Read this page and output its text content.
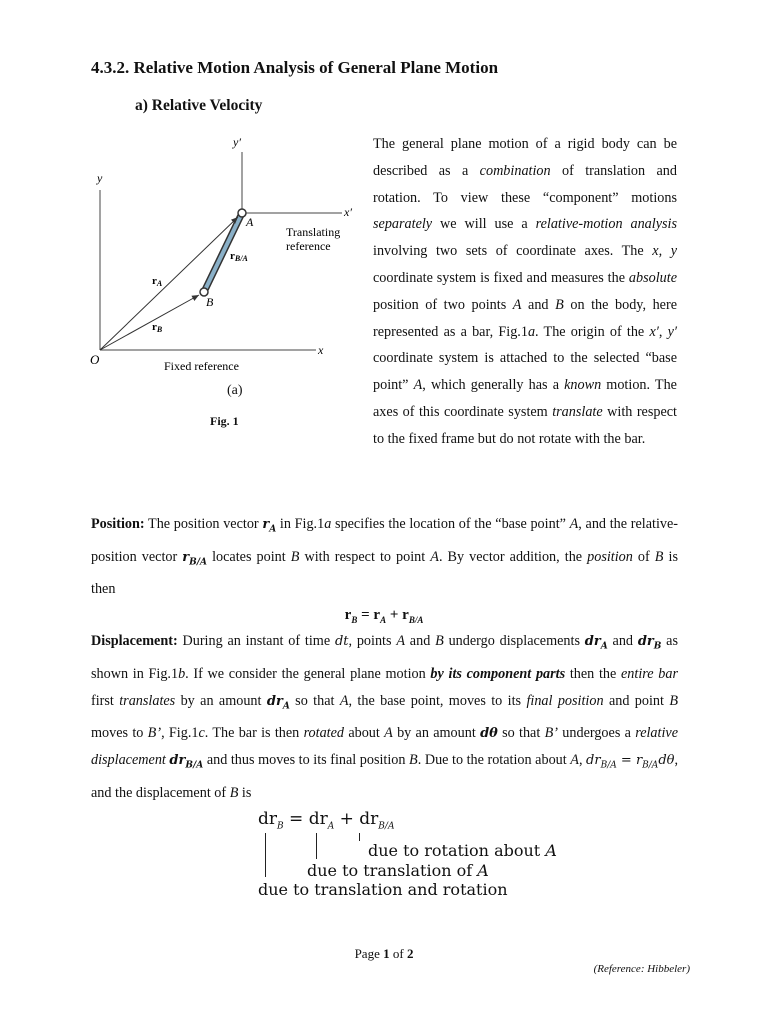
4.3.2. Relative Motion Analysis of General Plane Motion
a) Relative Velocity
y′
y
x′
x
O
A
B
rA
rB
rB/A
Translating
reference
Fixed reference
(a)
Fig. 1
The general plane motion of a rigid body can be described as a combination of translation and rotation. To view these “component” motions separately we will use a relative-motion analysis involving two sets of coordinate axes. The x, y coordinate system is fixed and measures the absolute position of two points A and B on the body, here represented as a bar, Fig.1a. The origin of the x′, y′ coordinate system is attached to the selected “base point” A, which generally has a known motion. The axes of this coordinate system translate with respect to the fixed frame but do not rotate with the bar.
Position: The position vector $r_A$ in Fig.1a specifies the location of the “base point” A, and the relative-position vector $r_{B/A}$ locates point B with respect to point A. By vector addition, the position of B is then
$r_B = r_A + r_{B/A}$
Displacement: During an instant of time dt, points A and B undergo displacements $dr_A$ and $dr_B$ as shown in Fig.1b. If we consider the general plane motion by its component parts then the entire bar first translates by an amount $dr_A$ so that A, the base point, moves to its final position and point B moves to B’, Fig.1c. The bar is then rotated about A by an amount dθ so that B’ undergoes a relative displacement $dr_{B/A}$ and thus moves to its final position B. Due to the rotation about A, $dr_{B/A} = r_{B/A}d\theta$, and the displacement of B is
$dr_B = dr_A + dr_{B/A}$
due to rotation about A
due to translation of A
due to translation and rotation
Page 1 of 2
(Reference: Hibbeler)
